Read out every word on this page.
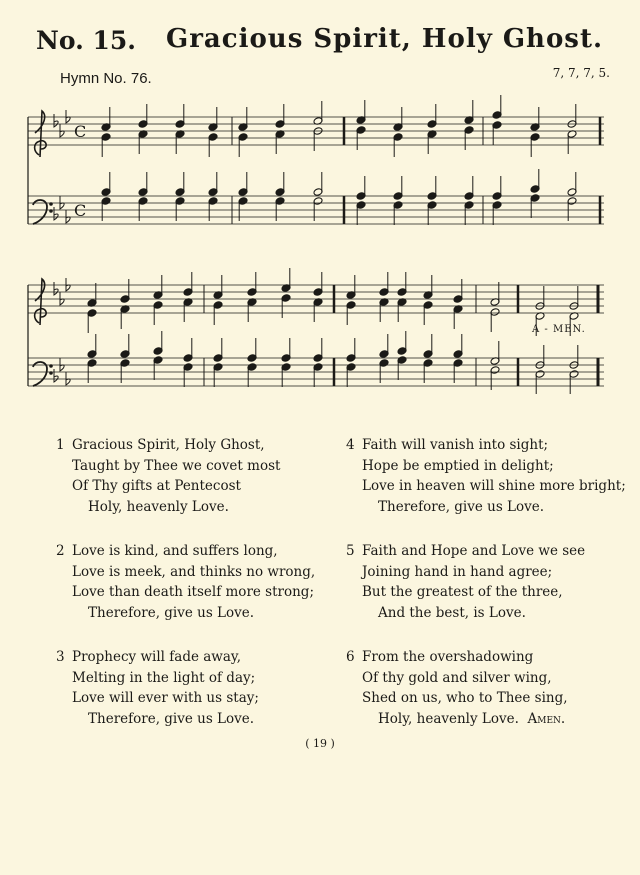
No. 15. Gracious Spirit, Holy Ghost.
Hymn No. 76.	7, 7, 7, 5.
C
C
A - MEN.
1 Gracious Spirit, Holy Ghost,
Taught by Thee we covet most
Of Thy gifts at Pentecost
Holy, heavenly Love.
2 Love is kind, and suffers long,
Love is meek, and thinks no wrong,
Love than death itself more strong;
Therefore, give us Love.
3 Prophecy will fade away,
Melting in the light of day;
Love will ever with us stay;
Therefore, give us Love.
4 Faith will vanish into sight;
Hope be emptied in delight;
Love in heaven will shine more bright;
Therefore, give us Love.
5 Faith and Hope and Love we see
Joining hand in hand agree;
But the greatest of the three,
And the best, is Love.
6 From the overshadowing
Of thy gold and silver wing,
Shed on us, who to Thee sing,
Holy, heavenly Love. Amen.
( 19 )
